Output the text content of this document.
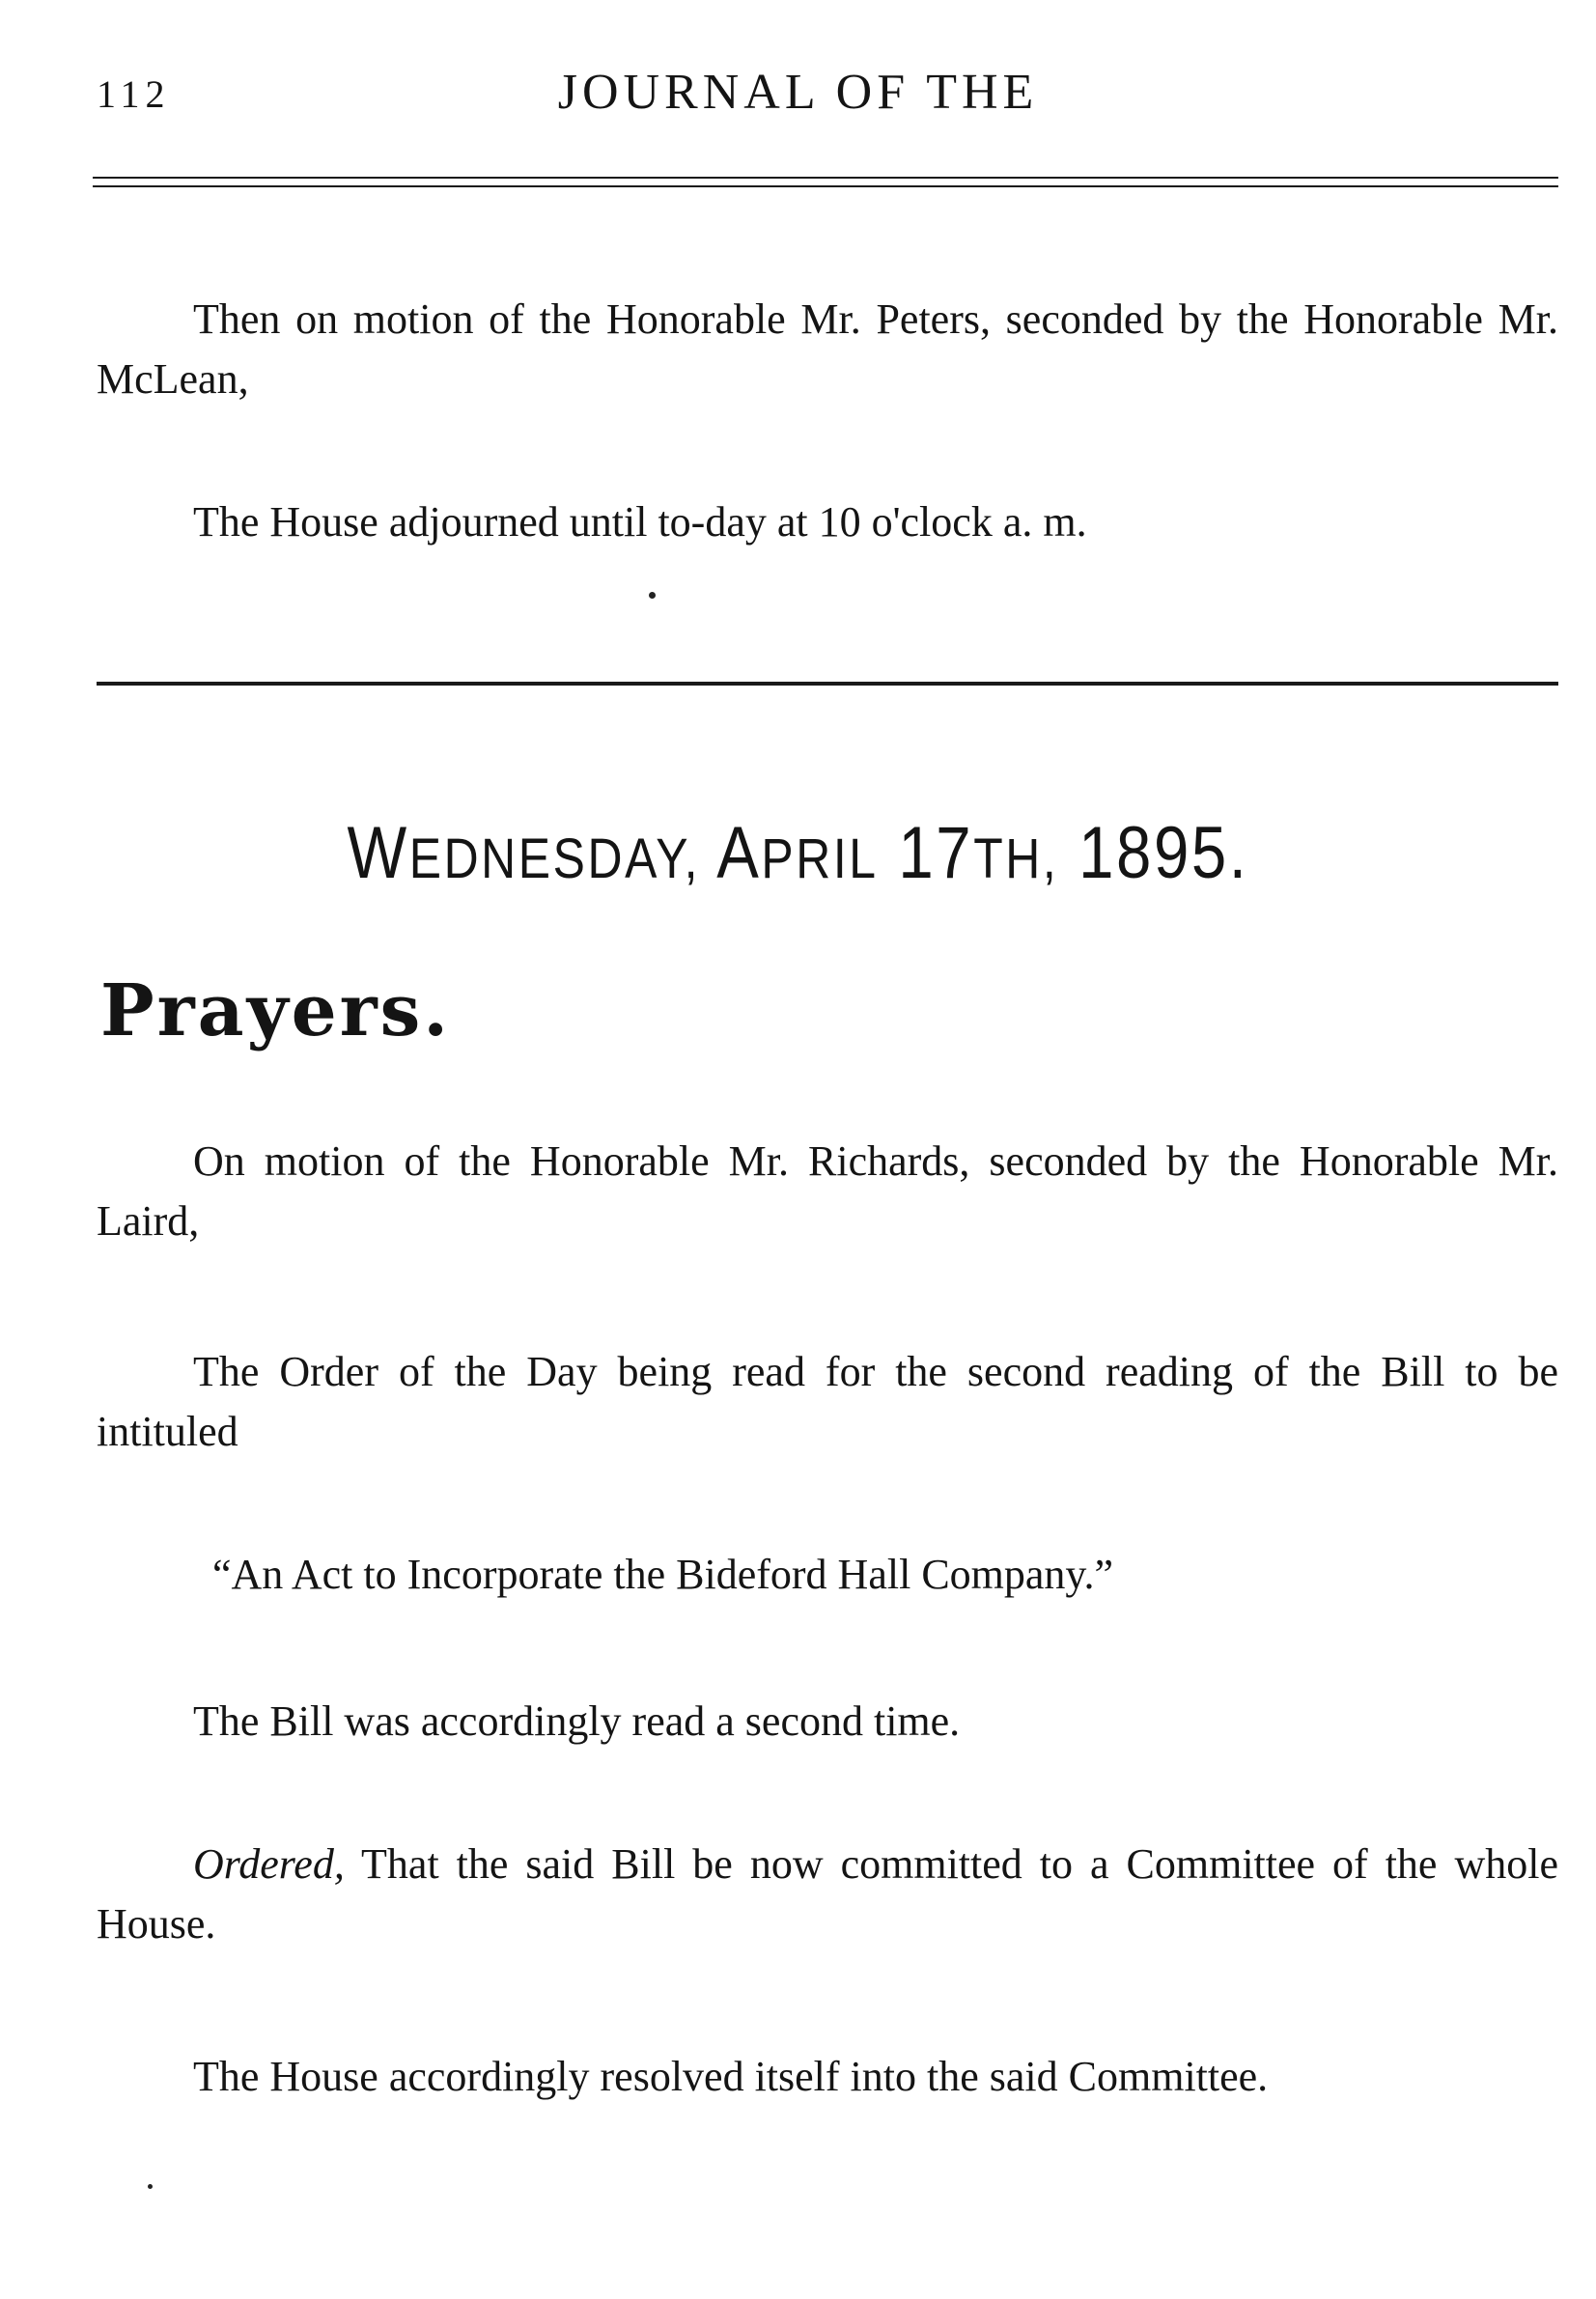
112	JOURNAL OF THE
Then on motion of the Honorable Mr. Peters, seconded by the Honorable Mr. McLean,
The House adjourned until to-day at 10 o'clock a. m.
WEDNESDAY, APRIL 17TH, 1895.
Prayers.
On motion of the Honorable Mr. Richards, seconded by the Honorable Mr. Laird,
The Order of the Day being read for the second reading of the Bill to be intituled
“An Act to Incorporate the Bideford Hall Company.”
The Bill was accordingly read a second time.
Ordered, That the said Bill be now committed to a Committee of the whole House.
The House accordingly resolved itself into the said Committee.
